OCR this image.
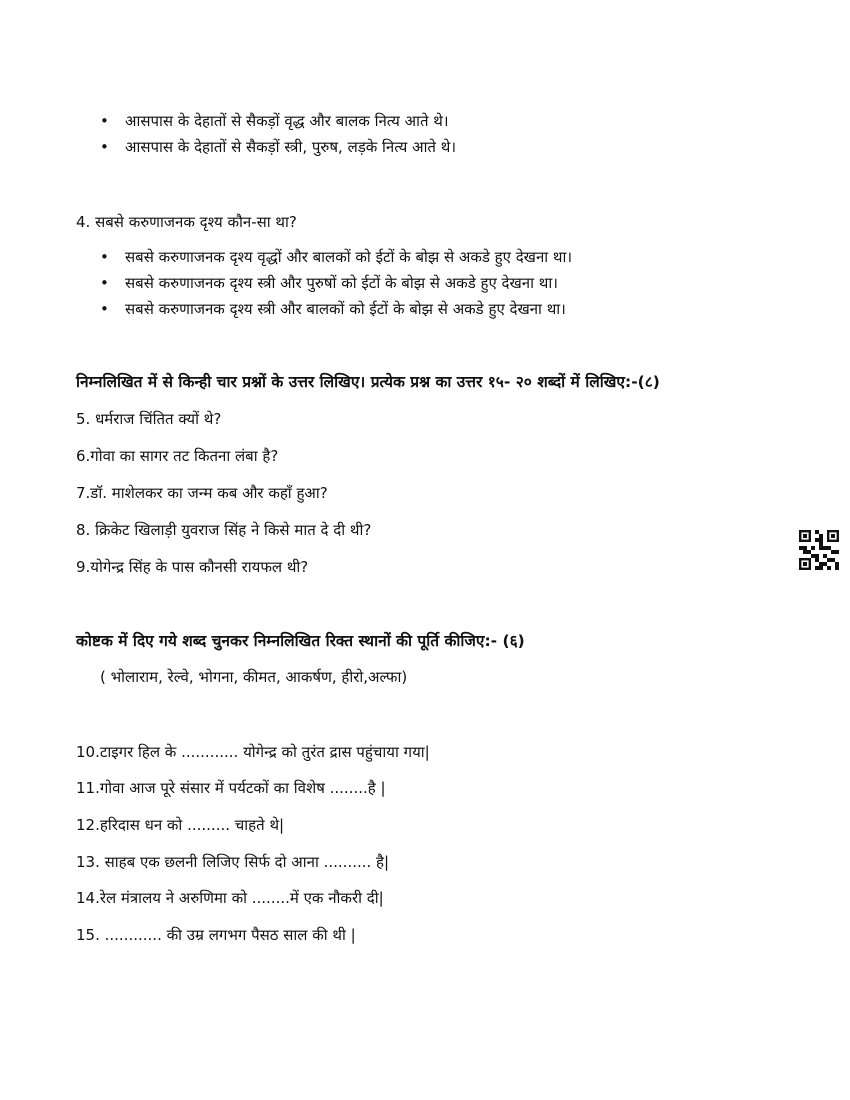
• आसपास के देहातों से सैकड़ों वृद्ध और बालक नित्य आते थे।
• आसपास के देहातों से सैकड़ों स्त्री, पुरुष, लड़के नित्य आते थे।
4. सबसे करुणाजनक दृश्य कौन-सा था?
• सबसे करुणाजनक दृश्य वृद्धों और बालकों को ईटों के बोझ से अकडे हुए देखना था।
• सबसे करुणाजनक दृश्य स्त्री और पुरुषों को ईटों के बोझ से अकडे हुए देखना था।
• सबसे करुणाजनक दृश्य स्त्री और बालकों को ईटों के बोझ से अकडे हुए देखना था।
निम्नलिखित में से किन्ही चार प्रश्नों के उत्तर लिखिए। प्रत्येक प्रश्न का उत्तर १५- २० शब्दों में लिखिए:-(८)
5. धर्मराज चिंतित क्यों थे?
6.गोवा का सागर तट कितना लंबा है?
7.डॉ. माशेलकर का जन्म कब और कहाँ हुआ?
8. क्रिकेट खिलाड़ी युवराज सिंह ने किसे मात दे दी थी?
9.योगेन्द्र सिंह के पास कौनसी रायफल थी?
कोष्टक में दिए गये शब्द चुनकर निम्नलिखित रिक्त स्थानों की पूर्ति कीजिए:- (६)
( भोलाराम, रेल्वे, भोगना, कीमत, आकर्षण, हीरो,अल्फा)
10.टाइगर हिल के ............ योगेन्द्र को तुरंत द्रास पहुंचाया गया|
11.गोवा आज पूरे संसार में पर्यटकों का विशेष ........है |
12.हरिदास धन को ......... चाहते थे|
13. साहब एक छलनी लिजिए सिर्फ दो आना .......... है|
14.रेल मंत्रालय ने अरुणिमा को ........में एक नौकरी दी|
15. ............ की उम्र लगभग पैसठ साल की थी |
